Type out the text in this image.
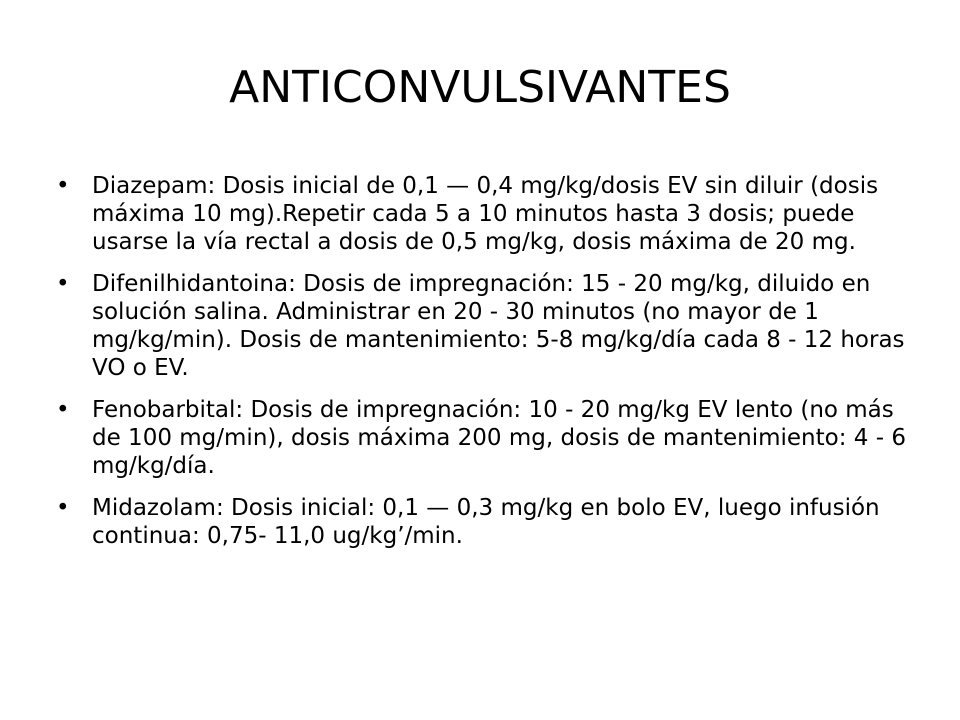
ANTICONVULSIVANTES
• Diazepam: Dosis inicial de 0,1 — 0,4 mg/kg/dosis EV sin diluir (dosis máxima 10 mg).Repetir cada 5 a 10 minutos hasta 3 dosis; puede usarse la vía rectal a dosis de 0,5 mg/kg, dosis máxima de 20 mg.
• Difenilhidantoina: Dosis de impregnación: 15 - 20 mg/kg, diluido en solución salina. Administrar en 20 - 30 minutos (no mayor de 1 mg/kg/min). Dosis de mantenimiento: 5-8 mg/kg/día cada 8 - 12 horas VO o EV.
• Fenobarbital: Dosis de impregnación: 10 - 20 mg/kg EV lento (no más de 100 mg/min), dosis máxima 200 mg, dosis de mantenimiento: 4 - 6 mg/kg/día.
• Midazolam: Dosis inicial: 0,1 — 0,3 mg/kg en bolo EV, luego infusión continua: 0,75- 11,0 ug/kg’/min.
